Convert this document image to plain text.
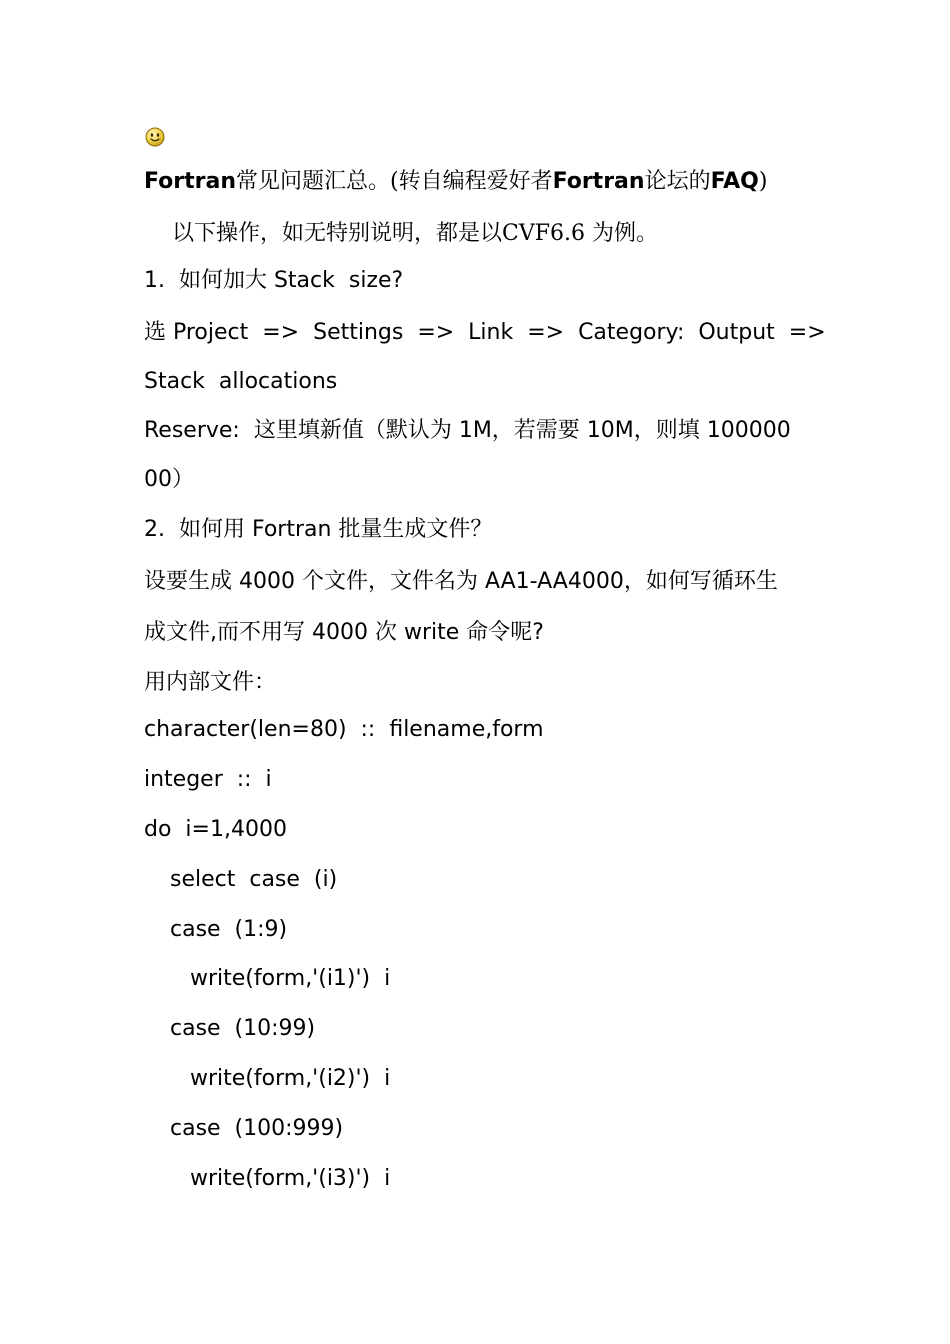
Fortran常见问题汇总。(转自编程爱好者Fortran论坛的FAQ)
以下操作，如无特别说明，都是以CVF6.6 为例。
1.  如何加大 Stack  size?
选 Project  =>  Settings  =>  Link  =>  Category:  Output  =>
Stack  allocations
Reserve:  这里填新值（默认为 1M，若需要 10M，则填 100000
00）
2.  如何用 Fortran 批量生成文件？
设要生成 4000 个文件，文件名为 AA1-AA4000，如何写循环生
成文件,而不用写 4000 次 write 命令呢?
用内部文件：
character(len=80)  ::  filename,form
integer  ::  i
do  i=1,4000
select  case  (i)
case  (1:9)
write(form,'(i1)')  i
case  (10:99)
write(form,'(i2)')  i
case  (100:999)
write(form,'(i3)')  i
